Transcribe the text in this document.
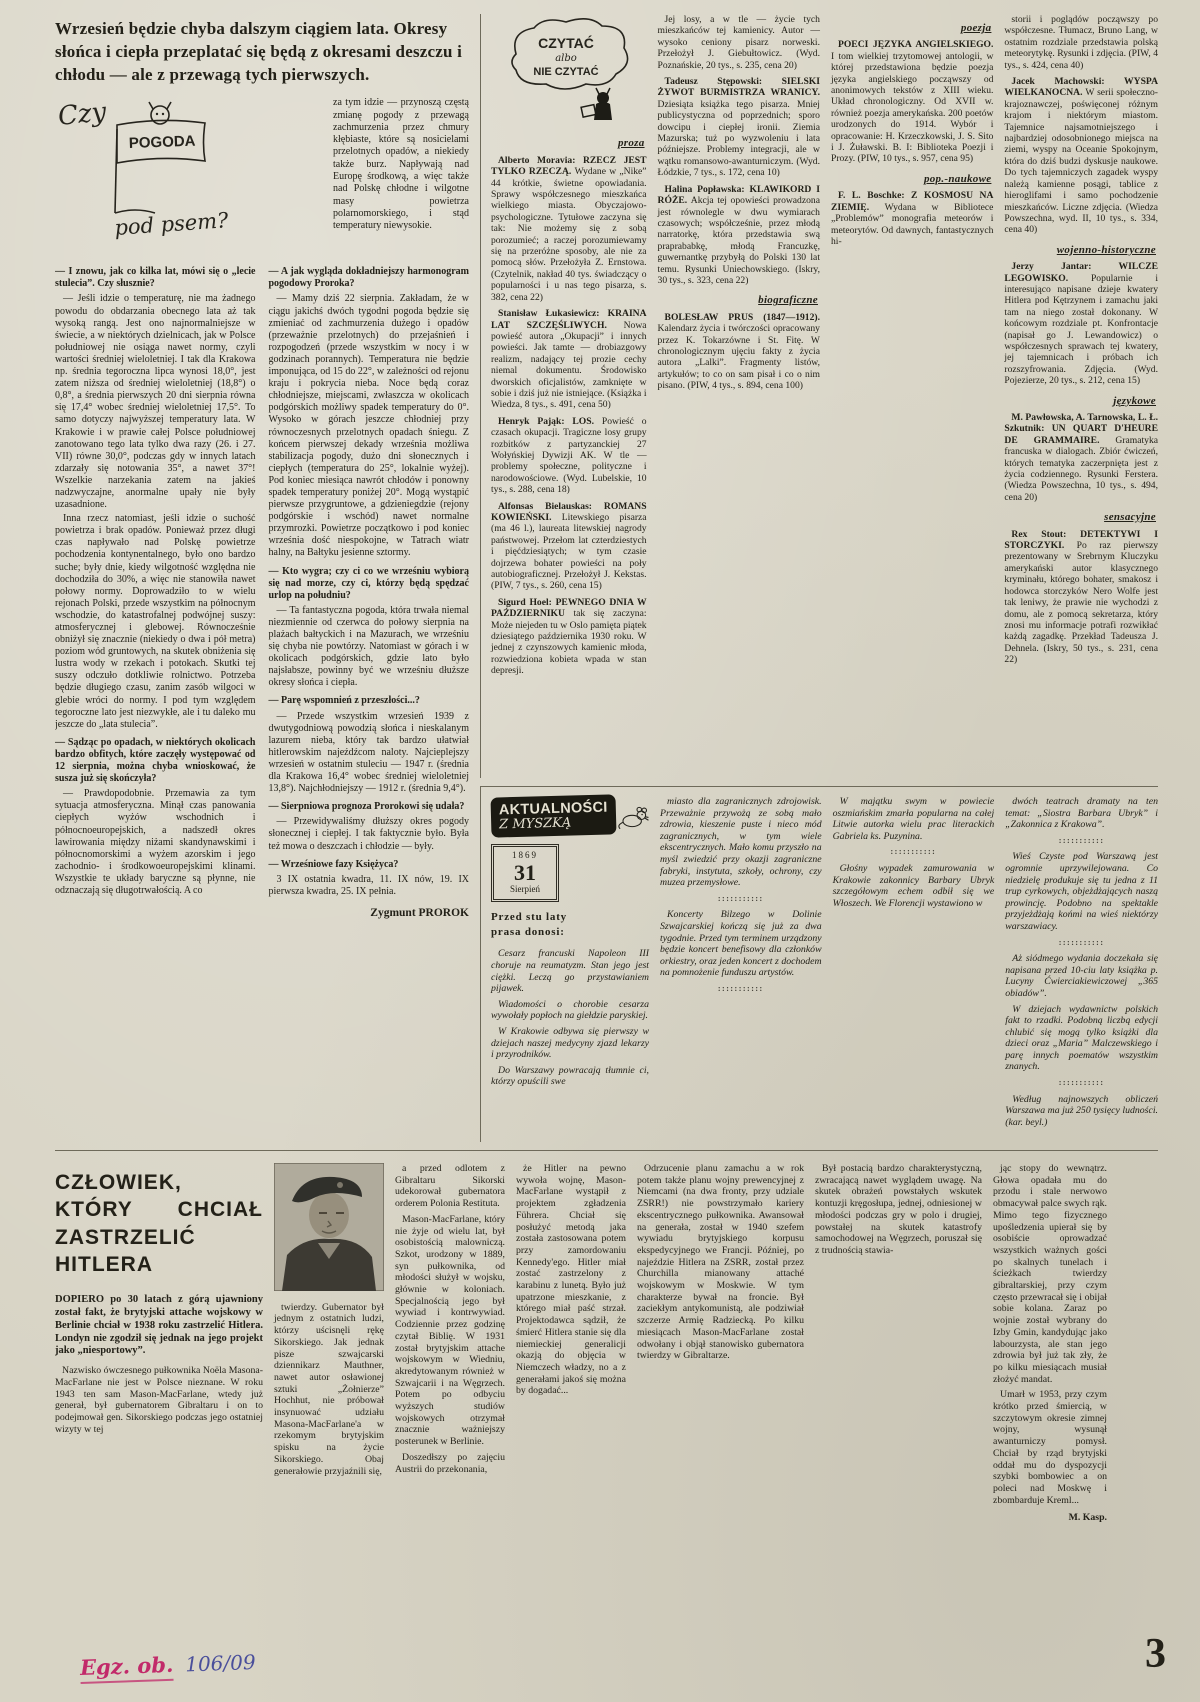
Wrzesień będzie chyba dalszym ciągiem lata. Okresy słońca i ciepła przeplatać się będą z okresami deszczu i chłodu — ale z przewagą tych pierwszych.
Czy
POGODA
pod psem?

za tym idzie — przynoszą częstą zmianę pogody z przewagą zachmurzenia przez chmury kłębiaste, które są nosicielami przelotnych opadów, a niekiedy także burz. Napływają nad Europę środkową, a więc także nad Polskę chłodne i wilgotne masy powietrza polarnomorskiego, i stąd temperatury niewysokie.

— I znowu, jak co kilka lat, mówi się o „lecie stulecia”. Czy słusznie?

— Jeśli idzie o temperaturę, nie ma żadnego powodu do obdarzania obecnego lata aż tak wysoką rangą. Jest ono najnormalniejsze w świecie, a w niektórych dzielnicach, jak w Polsce południowej nie osiąga nawet normy, czyli wartości średniej wieloletniej. I tak dla Krakowa np. średnia tegoroczna lipca wynosi 18,0°, jest zatem niższa od średniej wieloletniej (18,8°) o 0,8°, a średnia pierwszych 20 dni sierpnia równa się 17,4° wobec średniej wieloletniej 17,5°. To samo dotyczy najwyższej temperatury lata. W Krakowie i w prawie całej Polsce południowej zanotowano tego lata tylko dwa razy (26. i 27. VII) równe 30,0°, podczas gdy w innych latach zdarzały się notowania 35°, a nawet 37°! Wszelkie narzekania zatem na jakieś nadzwyczajne, anormalne upały nie były uzasadnione.

Inna rzecz natomiast, jeśli idzie o suchość powietrza i brak opadów. Ponieważ przez długi czas napływało nad Polskę powietrze pochodzenia kontynentalnego, było ono bardzo suche; były dnie, kiedy wilgotność względna nie dochodziła do 30%, a więc nie stanowiła nawet połowy normy. Doprowadziło to w wielu rejonach Polski, przede wszystkim na północnym wschodzie, do katastrofalnej podwójnej suszy: atmosferycznej i glebowej. Równocześnie obniżył się znacznie (niekiedy o dwa i pół metra) poziom wód gruntowych, na skutek obniżenia się lustra wody w rzekach i potokach. Skutki tej suszy odczuło dotkliwie rolnictwo. Potrzeba będzie długiego czasu, zanim zasób wilgoci w glebie wróci do normy. I pod tym względem tegoroczne lato jest niezwykłe, ale i tu daleko mu jeszcze do „lata stulecia”.

— Sądząc po opadach, w niektórych okolicach bardzo obfitych, które zaczęły występować od 12 sierpnia, można chyba wnioskować, że susza już się skończyła?

— Prawdopodobnie. Przemawia za tym sytuacja atmosferyczna. Minął czas panowania ciepłych wyżów wschodnich i północnoeuropejskich, a nadszedł okres lawirowania między niżami skandynawskimi i północnomorskimi a wyżem azorskim i jego zachodnio- i środkowoeuropejskimi klinami. Wszystkie te układy baryczne są płynne, nie odznaczają się długotrwałością. A co

— A jak wygląda dokładniejszy harmonogram pogodowy Proroka?

— Mamy dziś 22 sierpnia. Zakładam, że w ciągu jakichś dwóch tygodni pogoda będzie się zmieniać od zachmurzenia dużego i opadów (przeważnie przelotnych) do przejaśnień i rozpogodzeń (przede wszystkim w nocy i w godzinach porannych). Temperatura nie będzie imponująca, od 15 do 22°, w zależności od rejonu kraju i pokrycia nieba. Noce będą coraz chłodniejsze, miejscami, zwłaszcza w okolicach podgórskich możliwy spadek temperatury do 0°. Wysoko w górach jeszcze chłodniej przy równoczesnych przelotnych opadach śniegu. Z końcem pierwszej dekady września możliwa stabilizacja pogody, dużo dni słonecznych i ciepłych (temperatura do 25°, lokalnie wyżej). Pod koniec miesiąca nawrót chłodów i ponowny spadek temperatury poniżej 20°. Mogą wystąpić pierwsze przygruntowe, a gdzieniegdzie (rejony podgórskie i wschód) nawet normalne przymrozki. Powietrze początkowo i pod koniec września dość niespokojne, w Tatrach wiatr halny, na Bałtyku jesienne sztormy.

— Kto wygra; czy ci co we wrześniu wybiorą się nad morze, czy ci, którzy będą spędzać urlop na południu?

— Ta fantastyczna pogoda, która trwała niemal niezmiennie od czerwca do połowy sierpnia na plażach bałtyckich i na Mazurach, we wrześniu się chyba nie powtórzy. Natomiast w górach i w okolicach podgórskich, gdzie lato było najsłabsze, powinny być we wrześniu dłuższe okresy słońca i ciepła.

— Parę wspomnień z przeszłości...?

— Przede wszystkim wrzesień 1939 z dwutygodniową powodzią słońca i nieskalanym lazurem nieba, który tak bardzo ułatwiał hitlerowskim najeźdźcom naloty. Najcieplejszy wrzesień w ostatnim stuleciu — 1947 r. (średnia dla Krakowa 16,4° wobec średniej wieloletniej 13,8°). Najchłodniejszy — 1912 r. (średnia 9,4°).

— Sierpniowa prognoza Prorokowi się udała?

— Przewidywaliśmy dłuższy okres pogody słonecznej i ciepłej. I tak faktycznie było. Była też mowa o deszczach i chłodzie — były.

— Wrześniowe fazy Księżyca?

3 IX ostatnia kwadra, 11. IX nów, 19. IX pierwsza kwadra, 25. IX pełnia.

Zygmunt PROROK

CZYTAĆ
albo
NIE CZYTAĆ

proza

Alberto Moravia: RZECZ JEST TYLKO RZECZĄ. Wydane w „Nike” 44 krótkie, świetne opowiadania. Sprawy współczesnego mieszkańca wielkiego miasta. Obyczajowo-psychologiczne. Tytułowe zaczyna się tak: Nie możemy się z sobą porozumieć; a raczej porozumiewamy się na przeróżne sposoby, ale nie za pomocą słów. Przełożyła Z. Ernstowa. (Czytelnik, nakład 40 tys. świadczący o popularności i u nas tego pisarza, s. 382, cena 22)

Stanisław Łukasiewicz: KRAINA LAT SZCZĘŚLIWYCH. Nowa powieść autora „Okupacji” i innych powieści. Jak tamte — drobiazgowy realizm, nadający tej prozie cechy niemal dokumentu. Środowisko dworskich oficjalistów, zamknięte w sobie i dziś już nie istniejące. (Książka i Wiedza, 8 tys., s. 491, cena 50)

Henryk Pająk: LOS. Powieść o czasach okupacji. Tragiczne losy grupy rozbitków z partyzanckiej 27 Wołyńskiej Dywizji AK. W tle — problemy społeczne, polityczne i narodowościowe. (Wyd. Lubelskie, 10 tys., s. 288, cena 18)

Alfonsas Bielauskas: ROMANS KOWIEŃSKI. Litewskiego pisarza (ma 46 l.), laureata litewskiej nagrody państwowej. Przełom lat czterdziestych i pięćdziesiątych; w tym czasie dojrzewa bohater powieści na poły autobiograficznej. Przełożył J. Kekstas. (PIW, 7 tys., s. 260, cena 15)

Sigurd Hoel: PEWNEGO DNIA W PAŹDZIERNIKU tak się zaczyna: Może niejeden tu w Oslo pamięta piątek dziesiątego października 1930 roku. W jednej z czynszowych kamienic młoda, rozwiedziona kobieta wpada w stan depresji.

Jej losy, a w tle — życie tych mieszkańców tej kamienicy. Autor — wysoko ceniony pisarz norweski. Przełożył J. Giebułtowicz. (Wyd. Poznańskie, 20 tys., s. 235, cena 20)

Tadeusz Stępowski: SIELSKI ŻYWOT BURMISTRZA WRANICY.Dziesiąta książka tego pisarza. Mniej publicystyczna od poprzednich; sporo dowcipu i ciepłej ironii. Ziemia Mazurska; tuż po wyzwoleniu i lata późniejsze. Problemy integracji, ale w wątku romansowo-awanturniczym. (Wyd. Łódzkie, 7 tys., s. 172, cena 10)

Halina Popławska: KLAWIKORD I RÓŻE. Akcja tej opowieści prowadzona jest równolegle w dwu wymiarach czasowych; współcześnie, przez młodą narratorkę, która przedstawia swą praprababkę, młodą Francuzkę, guwernantkę przybyłą do Polski 130 lat temu. Rysunki Uniechowskiego. (Iskry, 30 tys., s. 323, cena 22)

biograficzne

BOLESŁAW PRUS (1847—1912).Kalendarz życia i twórczości opracowany przez K. Tokarzówne i St. Fitę. W chronologicznym ujęciu fakty z życia autora „Lalki”. Fragmenty listów, artykułów; to co on sam pisał i co o nim pisano. (PIW, 4 tys., s. 894, cena 100)

poezja

POECI JĘZYKA ANGIELSKIEGO.I tom wielkiej trzytomowej antologii, w której przedstawiona będzie poezja języka angielskiego począwszy od anonimowych tekstów z XIII wieku. Układ chronologiczny. Od XVII w. również poezja amerykańska. 200 poetów urodzonych do 1914. Wybór i opracowanie: H. Krzeczkowski, J. S. Sito i J. Żuławski. B. I: Biblioteka Poezji i Prozy. (PIW, 10 tys., s. 957, cena 95)

pop.-naukowe

F. L. Boschke: Z KOSMOSU NA ZIEMIĘ. Wydana w Bibliotece „Problemów” monografia meteorów i meteorytów. Od dawnych, fantastycznych hi-

storii i poglądów począwszy po współczesne. Tłumacz, Bruno Lang, w ostatnim rozdziale przedstawia polską meteorytykę. Rysunki i zdjęcia. (PIW, 4 tys., s. 424, cena 40)

Jacek Machowski: WYSPA WIELKANOCNA. W serii społeczno-krajoznawczej, poświęconej różnym krajom i niektórym miastom. Tajemnice najsamotniejszego i najbardziej odosobnionego miejsca na ziemi, wyspy na Oceanie Spokojnym, która do dziś budzi dyskusje naukowe. Do tych tajemniczych zagadek wyspy należą kamienne posągi, tablice z hieroglifami i samo pochodzenie mieszkańców. Liczne zdjęcia. (Wiedza Powszechna, wyd. II, 10 tys., s. 334, cena 40)

wojenno-historyczne

Jerzy Jantar: WILCZE LEGOWISKO. Popularnie i interesująco napisane dzieje kwatery Hitlera pod Kętrzynem i zamachu jaki tam na niego został dokonany. W końcowym rozdziale pt. Konfrontacje (napisał go J. Lewandowicz) o współczesnych sprawach tej kwatery, jej tajemnicach i próbach ich rozszyfrowania. Zdjęcia. (Wyd. Pojezierze, 20 tys., s. 212, cena 15)

językowe

M. Pawłowska, A. Tarnowska, L. Ł. Szkutnik: UN QUART D'HEURE DE GRAMMAIRE. Gramatyka francuska w dialogach. Zbiór ćwiczeń, których tematyka zaczerpnięta jest z życia codziennego. Rysunki Ferstera. (Wiedza Powszechna, 10 tys., s. 494, cena 20)

sensacyjne

Rex Stout: DETEKTYWI I STORCZYKI. Po raz pierwszy prezentowany w Srebrnym Kluczyku amerykański autor klasycznego kryminału, którego bohater, smakosz i hodowca storczyków Nero Wolfe jest tak leniwy, że prawie nie wychodzi z domu, ale z pomocą sekretarza, który znosi mu informacje potrafi rozwikłać każdą zagadkę. Przekład Tadeusza J. Dehnela. (Iskry, 50 tys., s. 231, cena 22)

AKTUALNOŚCI
Z MYSZKĄ
1869
31
Sierpień
Przed stu laty
prasa donosi:

Cesarz francuski Napoleon III choruje na reumatyzm. Stan jego jest ciężki. Leczą go przystawianiem pijawek.

Wiadomości o chorobie cesarza wywołały popłoch na giełdzie paryskiej.

W Krakowie odbywa się pierwszy w dziejach naszej medycyny zjazd lekarzy i przyrodników.

Do Warszawy powracają tłumnie ci, którzy opuścili swe

miasto dla zagranicznych zdrojowisk. Przeważnie przywożą ze sobą mało zdrowia, kieszenie puste i nieco mód zagranicznych, w tym wiele ekscentrycznych. Mało komu przyszło na myśl zwiedzić przy okazji zagraniczne fabryki, instytuta, szkoły, ochrony, czy muzea przemysłowe.

:::::::::::

Koncerty Bilzego w Dolinie Szwajcarskiej kończą się już za dwa tygodnie. Przed tym terminem urządzony będzie koncert benefisowy dla członków orkiestry, oraz jeden koncert z dochodem na pomnożenie funduszu artystów.

:::::::::::

W majątku swym w powiecie oszmiańskim zmarła popularna na całej Litwie autorka wielu prac literackich Gabriela ks. Puzynina.

:::::::::::

Głośny wypadek zamurowania w Krakowie zakonnicy Barbary Ubryk szczegółowym echem odbił się we Włoszech. We Florencji wystawiono w

dwóch teatrach dramaty na ten temat: „Siostra Barbara Ubryk” i „Zakonnica z Krakowa”.

:::::::::::

Wieś Czyste pod Warszawą jest ogromnie uprzywilejowana. Co niedzielę produkuje się tu jedna z 11 trup cyrkowych, objeżdżających naszą prowincję. Podobno na spektakle przyjeżdżają końmi na wieś niektórzy warszawiacy.

:::::::::::

Aż siódmego wydania doczekała się napisana przed 10-ciu laty książka p. Lucyny Ćwierciakiewiczowej „365 obiadów”.

W dziejach wydawnictw polskich fakt to rzadki. Podobną liczbą edycji chlubić się mogą tylko książki dla dzieci oraz „Maria” Malczewskiego i parę innych poematów wszystkim znanych.

:::::::::::

Według najnowszych obliczeń Warszawa ma już 250 tysięcy ludności. (kar. beyl.)

CZŁOWIEK, KTÓRY CHCIAŁ ZASTRZELIĆ HITLERA

DOPIERO po 30 latach z górą ujawniony został fakt, że brytyjski attache wojskowy w Berlinie chciał w 1938 roku zastrzelić Hitlera. Londyn nie zgodził się jednak na jego projekt jako „niesportowy”.

Nazwisko ówczesnego pułkownika Noëla Masona-MacFarlane nie jest w Polsce nieznane. W roku 1943 ten sam Mason-MacFarlane, wtedy już generał, był gubernatorem Gibraltaru i on to podejmował gen. Sikorskiego podczas jego ostatniej wizyty w tej

twierdzy. Gubernator był jednym z ostatnich ludzi, którzy uścisnęli rękę Sikorskiego. Jak jednak pisze szwajcarski dziennikarz Mauthner, nawet autor osławionej sztuki „Żołnierze” Hochhut, nie próbował insynuować udziału Masona-MacFarlane'a w rzekomym brytyjskim spisku na życie Sikorskiego. Obaj generałowie przyjaźnili się,

a przed odlotem z Gibraltaru Sikorski udekorował gubernatora orderem Polonia Restituta.

Mason-MacFarlane, który nie żyje od wielu lat, był osobistością malowniczą. Szkot, urodzony w 1889, syn pułkownika, od młodości służył w wojsku, głównie w koloniach. Specjalnością jego był wywiad i kontrwywiad. Codziennie przez godzinę czytał Biblię. W 1931 został brytyjskim attache wojskowym w Wiedniu, akredytowanym również w Szwajcarii i na Węgrzech. Potem po odbyciu wyższych studiów wojskowych otrzymał znacznie ważniejszy posterunek w Berlinie.

Doszedłszy po zajęciu Austrii do przekonania,

że Hitler na pewno wywoła wojnę, Mason-MacFarlane wystąpił z projektem zgładzenia Führera. Chciał się posłużyć metodą jaka została zastosowana potem przy zamordowaniu Kennedy'ego. Hitler miał zostać zastrzelony z karabinu z lunetą. Było już upatrzone mieszkanie, z którego miał paść strzał. Projektodawca sądził, że śmierć Hitlera stanie się dla niemieckiej generalicji okazją do objęcia w Niemczech władzy, no a z generałami jakoś się można by dogadać...

Odrzucenie planu zamachu a w rok potem także planu wojny prewencyjnej z Niemcami (na dwa fronty, przy udziale ZSRR!) nie powstrzymało kariery ekscentrycznego pułkownika. Awansował na generała, został w 1940 szefem wywiadu brytyjskiego korpusu ekspedycyjnego we Francji. Później, po najeździe Hitlera na ZSRR, został przez Churchilla mianowany attaché wojskowym w Moskwie. W tym charakterze bywał na froncie. Był zaciekłym antykomunistą, ale podziwiał szczerze Armię Radziecką. Po kilku miesiącach Mason-MacFarlane został odwołany i objął stanowisko gubernatora twierdzy w Gibraltarze.

Był postacią bardzo charakterystyczną, zwracającą nawet wyglądem uwagę. Na skutek obrażeń powstałych wskutek kontuzji kręgosłupa, jednej, odniesionej w młodości podczas gry w polo i drugiej, powstałej na skutek katastrofy samochodowej na Węgrzech, poruszał się z trudnością stawia-

jąc stopy do wewnątrz. Głowa opadała mu do przodu i stale nerwowo obmacywał palce swych rąk. Mimo tego fizycznego upośledzenia upierał się by osobiście oprowadzać wszystkich ważnych gości po skalnych tunelach i ścieżkach twierdzy gibraltarskiej, przy czym często przewracał się i obijał sobie kolana. Zaraz po wojnie został wybrany do Izby Gmin, kandydując jako labourzysta, ale stan jego zdrowia był już tak zły, że po kilku miesiącach musiał złożyć mandat.

Umarł w 1953, przy czym krótko przed śmiercią, w szczytowym okresie zimnej wojny, wysunął awanturniczy pomysł. Chciał by rząd brytyjski oddał mu do dyspozycji szybki bombowiec a on poleci nad Moskwę i zbombarduje Kreml...

M. Kasp.

Egz. ob. 106/09	3
